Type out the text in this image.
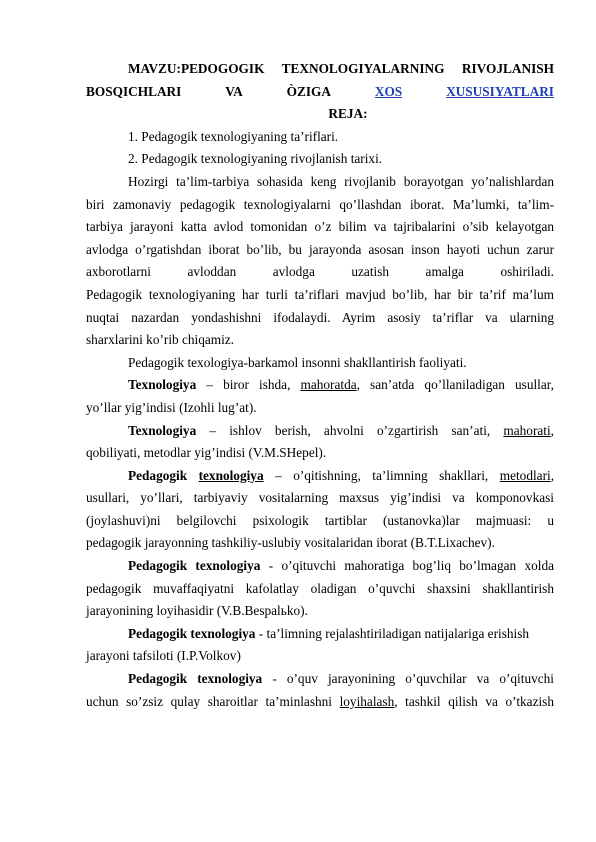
MAVZU:PEDOGOGIK TEXNOLOGIYALARNING RIVOJLANISH
BOSQICHLARI	VA	ÒZIGA	XOS	XUSUSIYATLARI
REJA:
1. Pedagogik texnologiyaning ta’riflari.
2. Pedagogik texnologiyaning rivojlanish tarixi.
Hozirgi ta’lim-tarbiya sohasida keng rivojlanib borayotgan yo’nalishlardan
biri zamonaviy pedagogik texnologiyalarni qo’llashdan iborat. Ma’lumki, ta’lim-
tarbiya jarayoni katta avlod tomonidan o’z bilim va tajribalarini o’sib kelayotgan
avlodga o’rgatishdan iborat bo’lib, bu jarayonda asosan inson hayoti uchun zarur
axborotlarni avloddan avlodga uzatish amalga oshiriladi.
Pedagogik texnologiyaning har turli ta’riflari mavjud bo’lib, har bir ta’rif ma’lum
nuqtai nazardan yondashishni ifodalaydi. Ayrim asosiy ta’riflar va ularning
sharxlarini ko’rib chiqamiz.
Pedagogik texologiya-barkamol insonni shakllantirish faoliyati.
Texnologiya – biror ishda, mahoratda, san’atda qo’llaniladigan usullar,
yo’llar yig’indisi (Izohli lug’at).
Texnologiya – ishlov berish, ahvolni o’zgartirish san’ati, mahorati,
qobiliyati, metodlar yig’indisi (V.M.SHepel).
Pedagogik texnologiya – o’qitishning, ta’limning shakllari, metodlari,
usullari, yo’llari, tarbiyaviy vositalarning maxsus yig’indisi va komponovkasi
(joylashuvi)ni belgilovchi psixologik tartiblar (ustanovka)lar majmuasi: u
pedagogik jarayonning tashkiliy-uslubiy vositalaridan iborat (B.T.Lixachev).
Pedagogik texnologiya - o’qituvchi mahoratiga bog’liq bo’lmagan xolda
pedagogik muvaffaqiyatni kafolatlay oladigan o’quvchi shaxsini shakllantirish
jarayonining loyihasidir (V.B.Bespalьko).
Pedagogik texnologiya - ta’limning rejalashtiriladigan natijalariga erishish
jarayoni tafsiloti (I.P.Volkov)
Pedagogik texnologiya - o’quv jarayonining o’quvchilar va o’qituvchi
uchun so’zsiz qulay sharoitlar ta’minlashni loyihalash, tashkil qilish va o’tkazish
